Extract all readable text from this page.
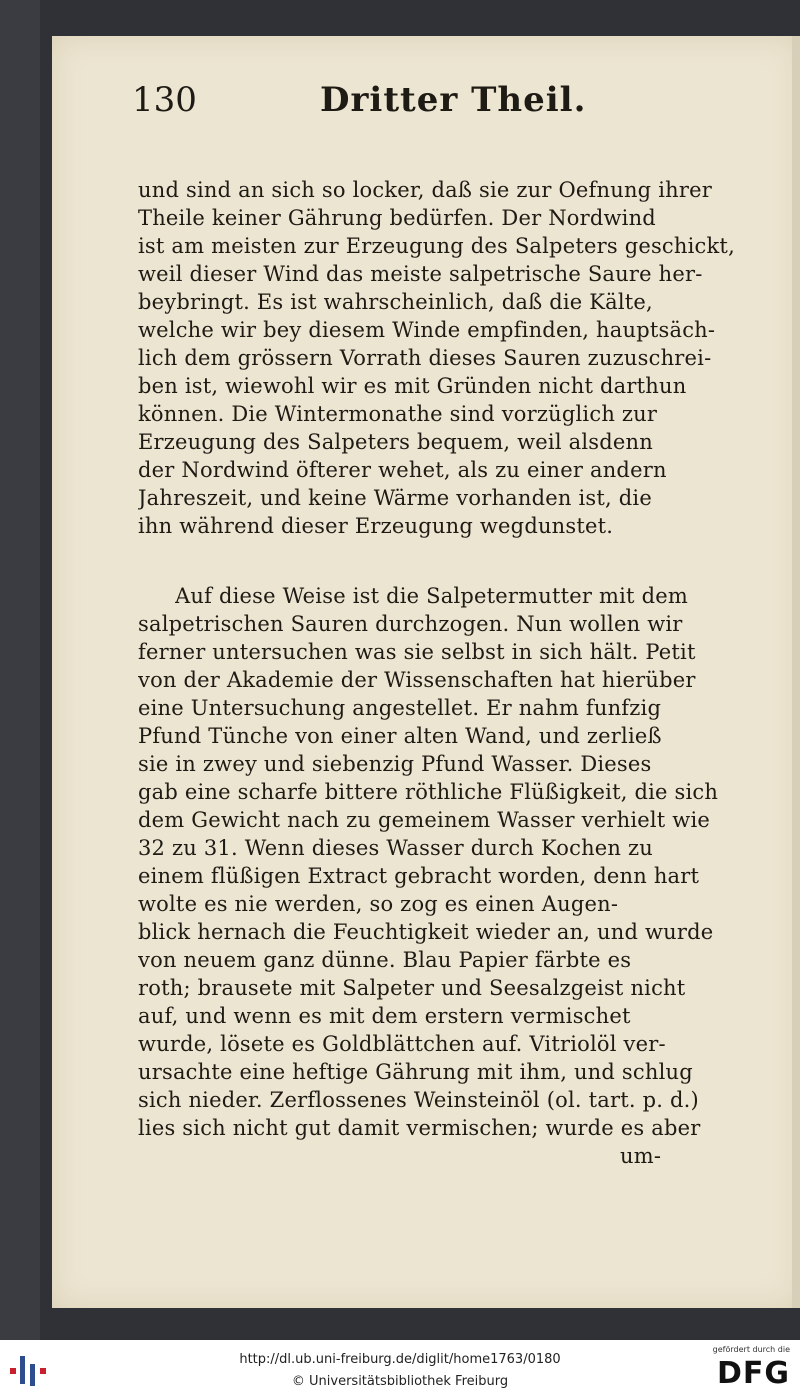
130	Dritter Theil.
und sind an sich so locker, daß sie zur Oefnung ihrer
Theile keiner Gährung bedürfen. Der Nordwind
ist am meisten zur Erzeugung des Salpeters geschickt,
weil dieser Wind das meiste salpetrische Saure her-
beybringt. Es ist wahrscheinlich, daß die Kälte,
welche wir bey diesem Winde empfinden, hauptsäch-
lich dem grössern Vorrath dieses Sauren zuzuschrei-
ben ist, wiewohl wir es mit Gründen nicht darthun
können. Die Wintermonathe sind vorzüglich zur
Erzeugung des Salpeters bequem, weil alsdenn
der Nordwind öfterer wehet, als zu einer andern
Jahreszeit, und keine Wärme vorhanden ist, die
ihn während dieser Erzeugung wegdunstet.
Auf diese Weise ist die Salpetermutter mit dem
salpetrischen Sauren durchzogen. Nun wollen wir
ferner untersuchen was sie selbst in sich hält. Petit
von der Akademie der Wissenschaften hat hierüber
eine Untersuchung angestellet. Er nahm funfzig
Pfund Tünche von einer alten Wand, und zerließ
sie in zwey und siebenzig Pfund Wasser. Dieses
gab eine scharfe bittere röthliche Flüßigkeit, die sich
dem Gewicht nach zu gemeinem Wasser verhielt wie
32 zu 31. Wenn dieses Wasser durch Kochen zu
einem flüßigen Extract gebracht worden, denn hart
wolte es nie werden, so zog es einen Augen-
blick hernach die Feuchtigkeit wieder an, und wurde
von neuem ganz dünne. Blau Papier färbte es
roth; brausete mit Salpeter und Seesalzgeist nicht
auf, und wenn es mit dem erstern vermischet
wurde, lösete es Goldblättchen auf. Vitriolöl ver-
ursachte eine heftige Gährung mit ihm, und schlug
sich nieder. Zerflossenes Weinsteinöl (ol. tart. p. d.)
lies sich nicht gut damit vermischen; wurde es aber
um-
http://dl.ub.uni-freiburg.de/diglit/home1763/0180
© Universitätsbibliothek Freiburg
gefördert durch die
DFG
